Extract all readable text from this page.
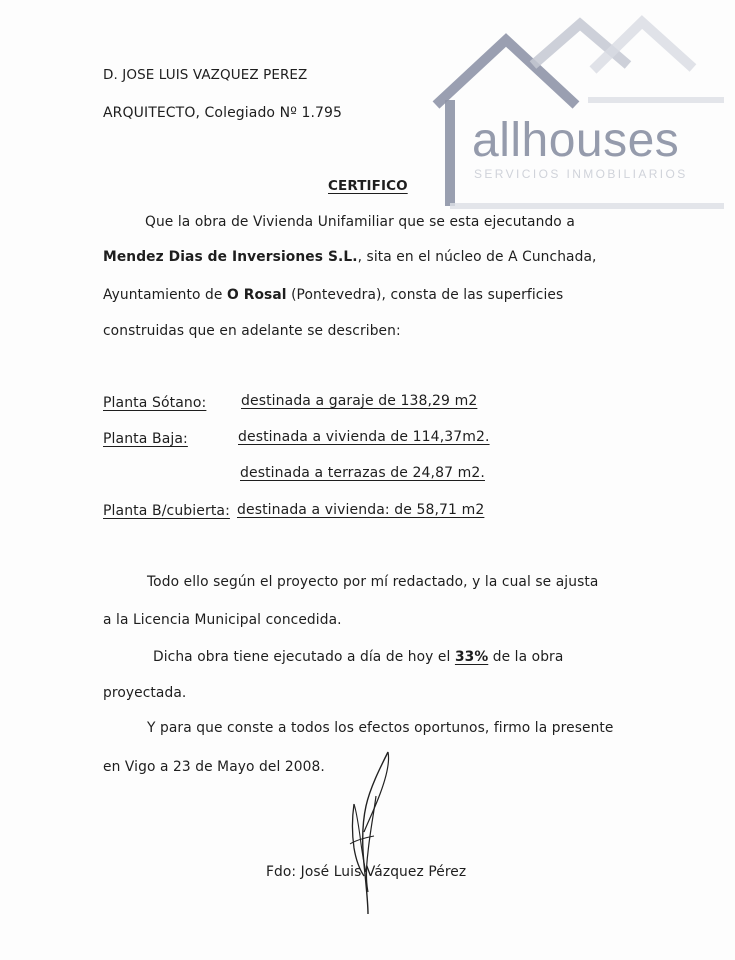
allhouses
SERVICIOS INMOBILIARIOS
D. JOSE LUIS VAZQUEZ PEREZ
ARQUITECTO, Colegiado Nº 1.795
CERTIFICO
Que la obra de Vivienda Unifamiliar que se esta ejecutando a
Mendez Dias de Inversiones S.L., sita en el núcleo de A Cunchada,
Ayuntamiento de O Rosal (Pontevedra), consta de las superficies
construidas que en adelante se describen:
Planta Sótano: destinada a garaje de 138,29 m2
Planta Baja:	destinada a vivienda de 114,37m2.
destinada a terrazas de 24,87 m2.
Planta B/cubierta: destinada a vivienda: de 58,71 m2
Todo ello según el proyecto por mí redactado, y la cual se ajusta
a la Licencia Municipal concedida.
Dicha obra tiene ejecutado a día de hoy el 33% de la obra
proyectada.
Y para que conste a todos los efectos oportunos, firmo la presente
en Vigo a 23 de Mayo del 2008.
Fdo: José Luis Vázquez Pérez
